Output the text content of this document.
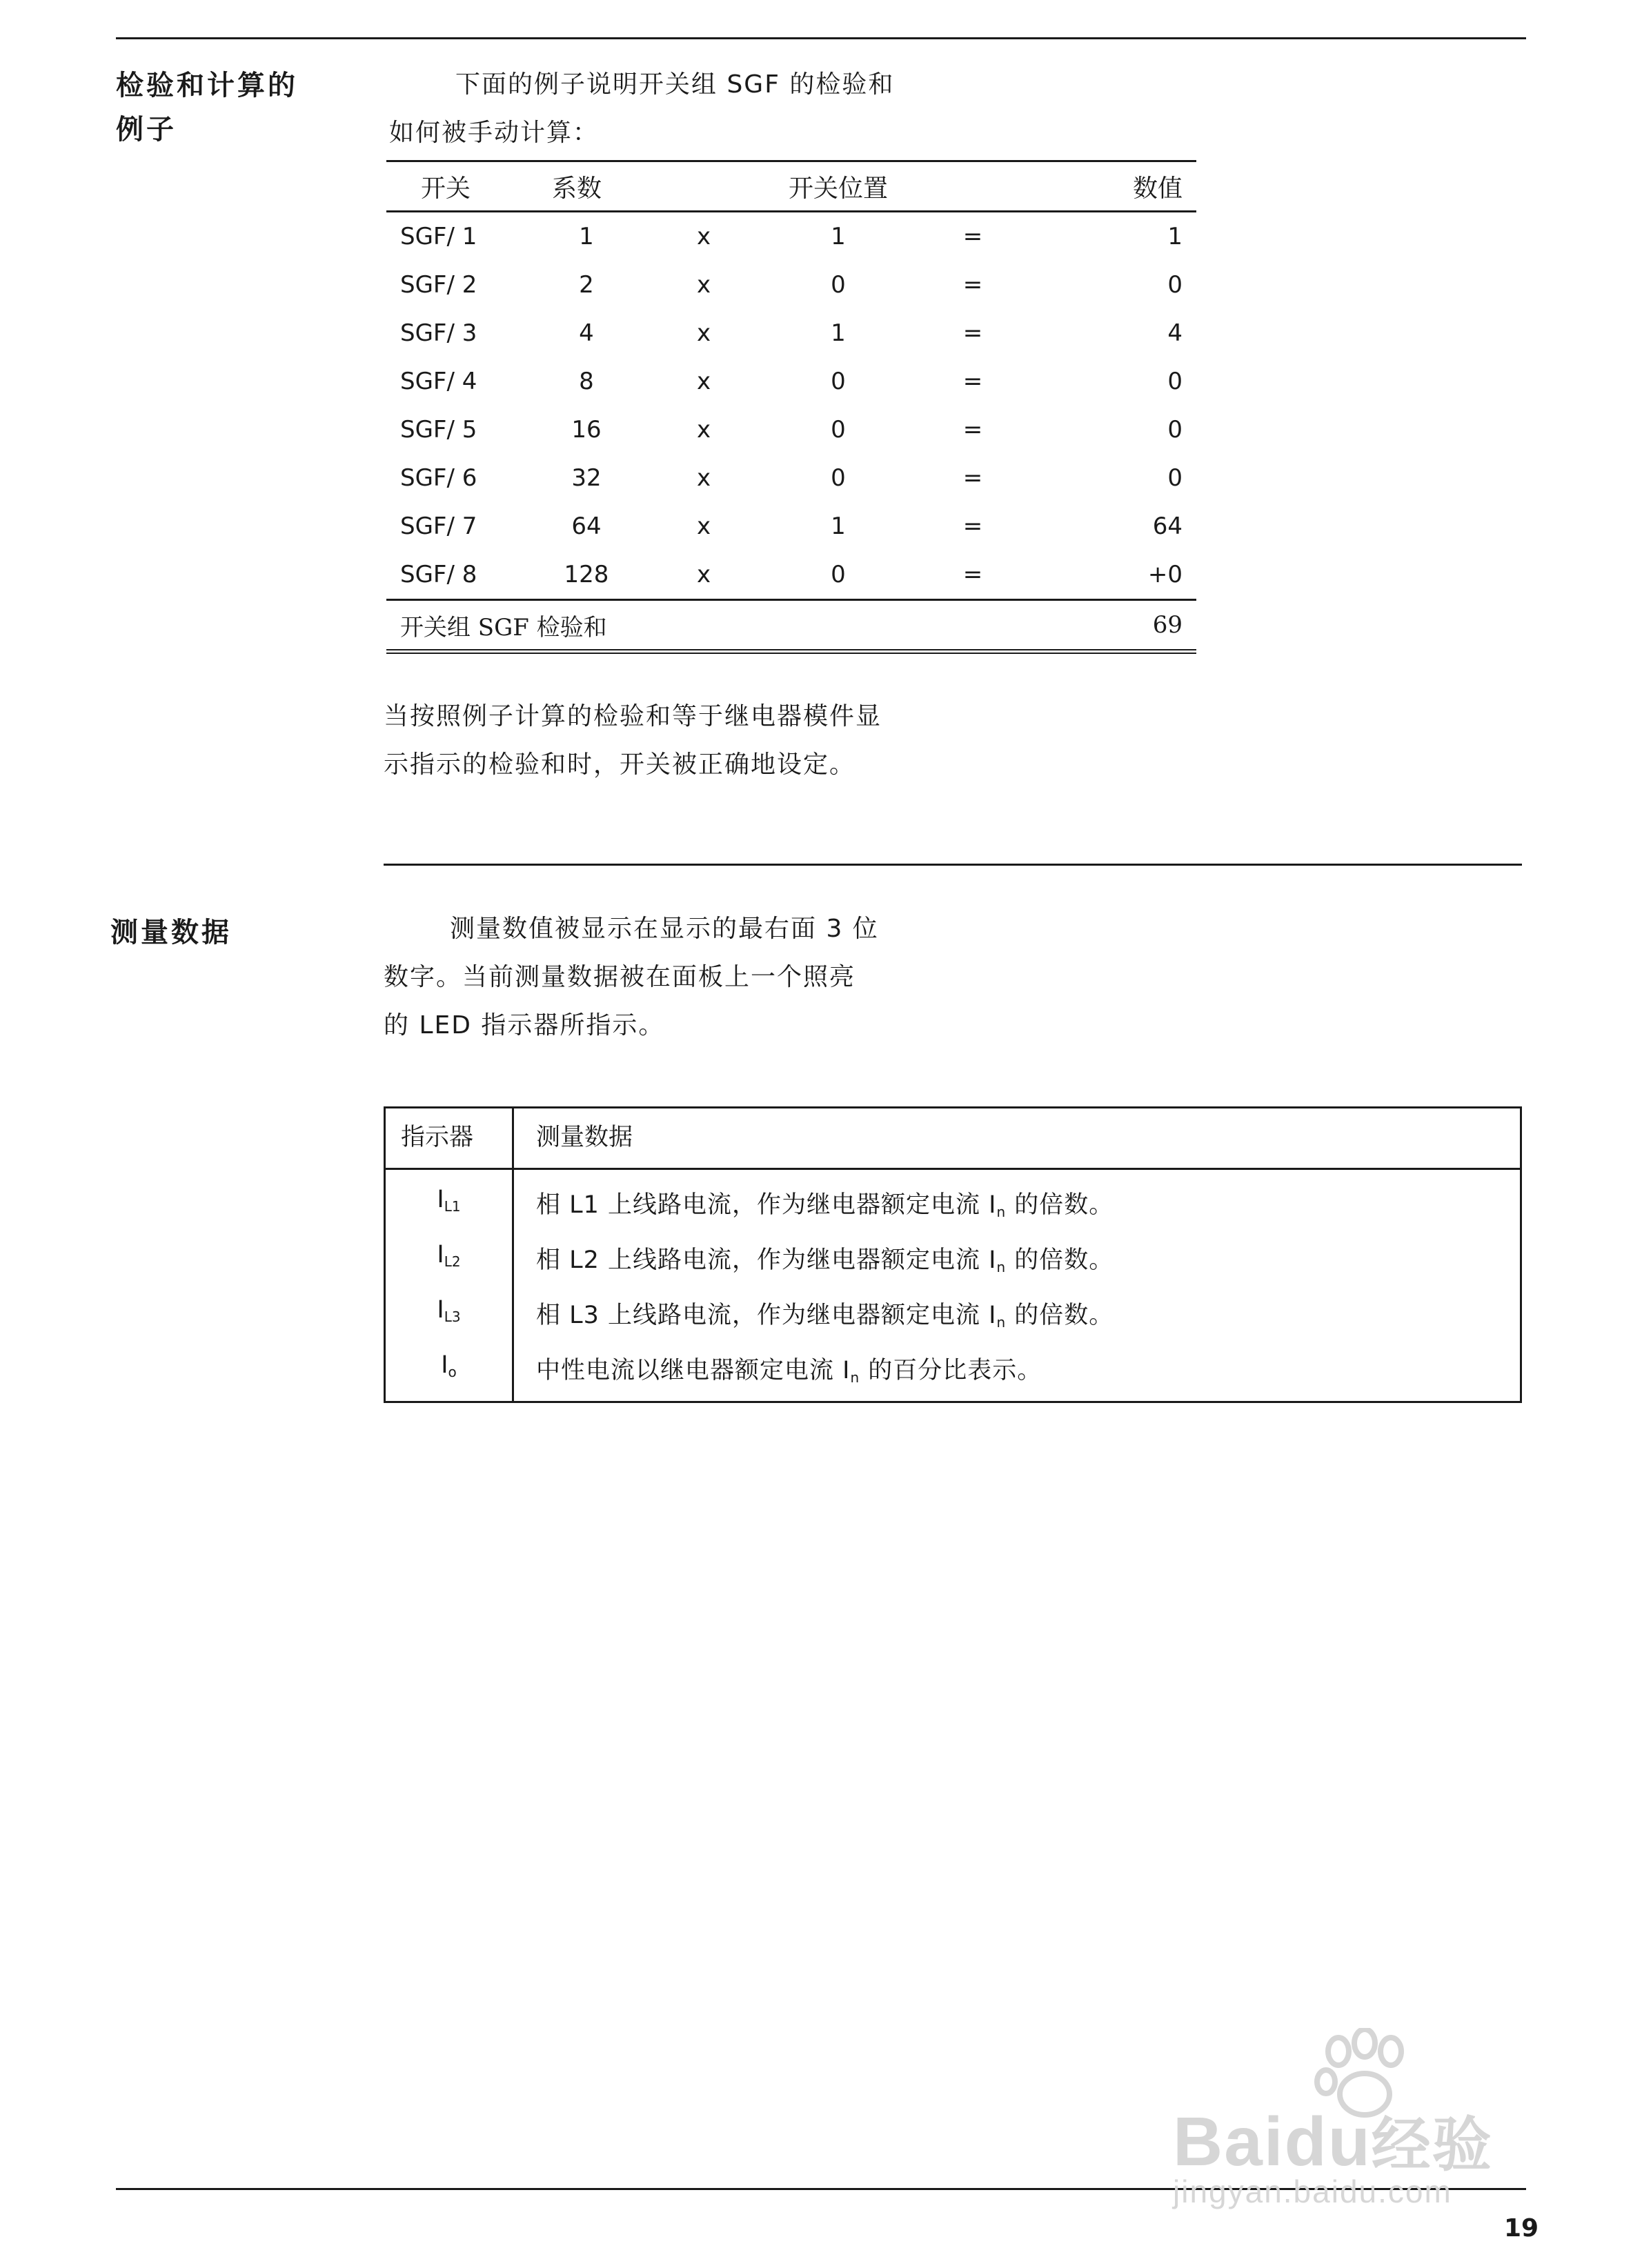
检验和计算的
例子

下面的例子说明开关组 SGF 的检验和

如何被手动计算：

开关	系数	开关位置	数值
SGF/ 1	1	x	1	=	1
SGF/ 2	2	x	0	=	0
SGF/ 3	4	x	1	=	4
SGF/ 4	8	x	0	=	0
SGF/ 5	16	x	0	=	0
SGF/ 6	32	x	0	=	0
SGF/ 7	64	x	1	=	64
SGF/ 8	128	x	0	=	+0
开关组 SGF 检验和	69

当按照例子计算的检验和等于继电器模件显

示指示的检验和时，开关被正确地设定。

测量数据	测量数值被显示在显示的最右面 3 位

数字。当前测量数据被在面板上一个照亮

的 LED 指示器所指示。

指示器	测量数据
$I_{L1}$	相 L1 上线路电流，作为继电器额定电流 $I_n$ 的倍数。
$I_{L2}$	相 L2 上线路电流，作为继电器额定电流 $I_n$ 的倍数。
$I_{L3}$	相 L3 上线路电流，作为继电器额定电流 $I_n$ 的倍数。
$I_o$	中性电流以继电器额定电流 $I_n$ 的百分比表示。
19
Baidu经验
jingyan.baidu.com
